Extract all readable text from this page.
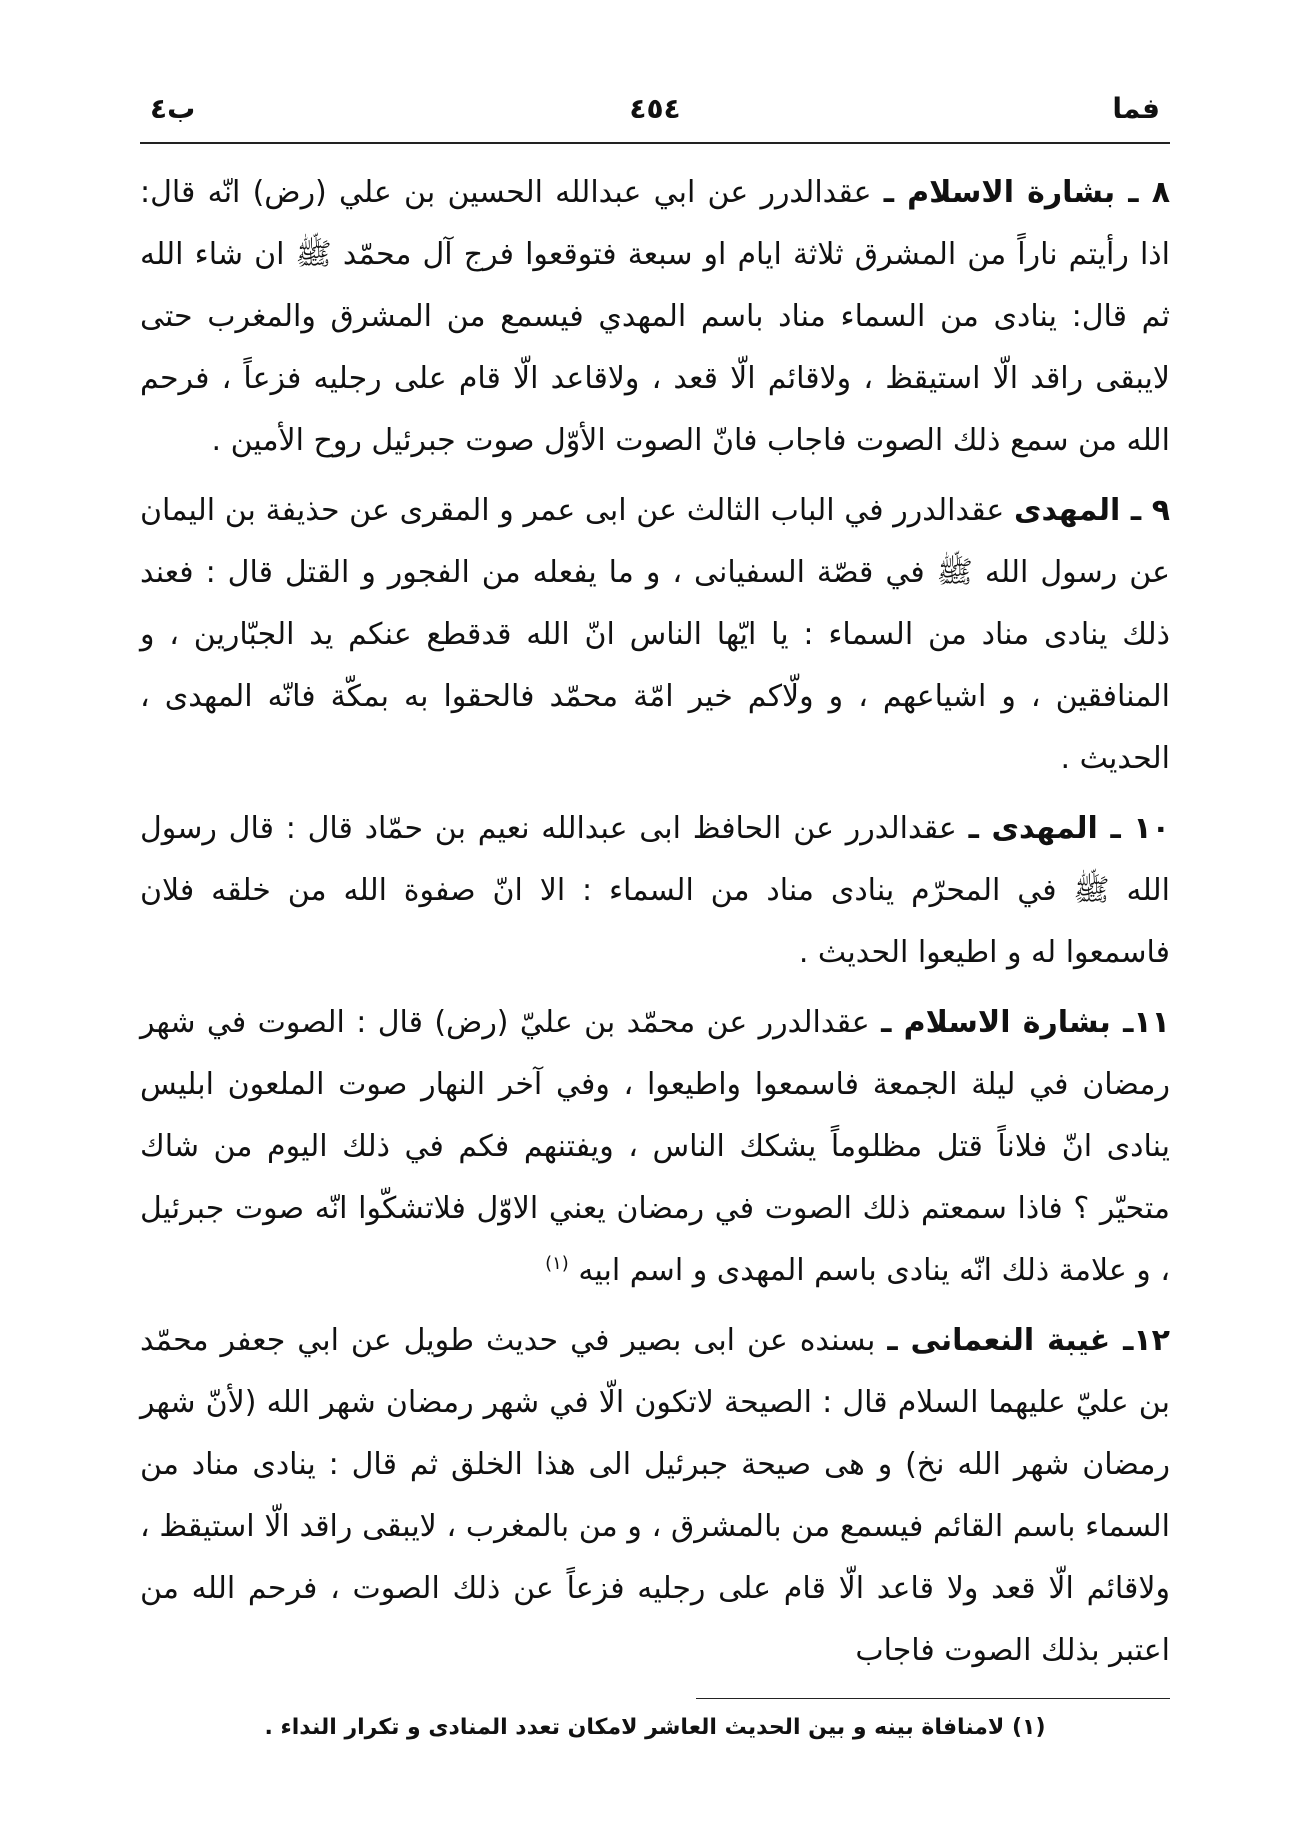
فما
٤٥٤
ب٤

٨ ـ بشارة الاسلام ـ عقدالدرر عن ابي عبدالله الحسين بن علي (رض) انّه قال: اذا رأيتم ناراً من المشرق ثلاثة ايام او سبعة فتوقعوا فرج آل محمّد ﷺ ان شاء الله ثم قال: ينادى من السماء مناد باسم المهدي فيسمع من المشرق والمغرب حتى لايبقى راقد الّا استيقظ ، ولاقائم الّا قعد ، ولاقاعد الّا قام على رجليه فزعاً ، فرحم الله من سمع ذلك الصوت فاجاب فانّ الصوت الأوّل صوت جبرئيل روح الأمين .

٩ ـ المهدى عقدالدرر في الباب الثالث عن ابى عمر و المقرى عن حذيفة بن اليمان عن رسول الله ﷺ في قصّة السفيانى ، و ما يفعله من الفجور و القتل قال : فعند ذلك ينادى مناد من السماء : يا ايّها الناس انّ الله قدقطع عنكم يد الجبّارين ، و المنافقين ، و اشياعهم ، و ولّاكم خير امّة محمّد فالحقوا به بمكّة فانّه المهدى ، الحديث .

١٠ ـ المهدى ـ عقدالدرر عن الحافظ ابى عبدالله نعيم بن حمّاد قال : قال رسول الله ﷺ في المحرّم ينادى مناد من السماء : الا انّ صفوة الله من خلقه فلان فاسمعوا له و اطيعوا الحديث .

١١ـ بشارة الاسلام ـ عقدالدرر عن محمّد بن عليّ (رض) قال : الصوت في شهر رمضان في ليلة الجمعة فاسمعوا واطيعوا ، وفي آخر النهار صوت الملعون ابليس ينادى انّ فلاناً قتل مظلوماً يشكك الناس ، ويفتنهم فكم في ذلك اليوم من شاك متحيّر ؟ فاذا سمعتم ذلك الصوت في رمضان يعني الاوّل فلاتشكّوا انّه صوت جبرئيل ، و علامة ذلك انّه ينادى باسم المهدى و اسم ابيه $^{(١)}$

١٢ـ غيبة النعمانى ـ بسنده عن ابى بصير في حديث طويل عن ابي جعفر محمّد بن عليّ عليهما السلام قال : الصيحة لاتكون الّا في شهر رمضان شهر الله (لأنّ شهر رمضان شهر الله نخ) و هى صيحة جبرئيل الى هذا الخلق ثم قال : ينادى مناد من السماء باسم القائم فيسمع من بالمشرق ، و من بالمغرب ، لايبقى راقد الّا استيقظ ، ولاقائم الّا قعد ولا قاعد الّا قام على رجليه فزعاً عن ذلك الصوت ، فرحم الله من اعتبر بذلك الصوت فاجاب

(١) لامنافاة بينه و بين الحديث العاشر لامكان تعدد المنادى و تكرار النداء .
